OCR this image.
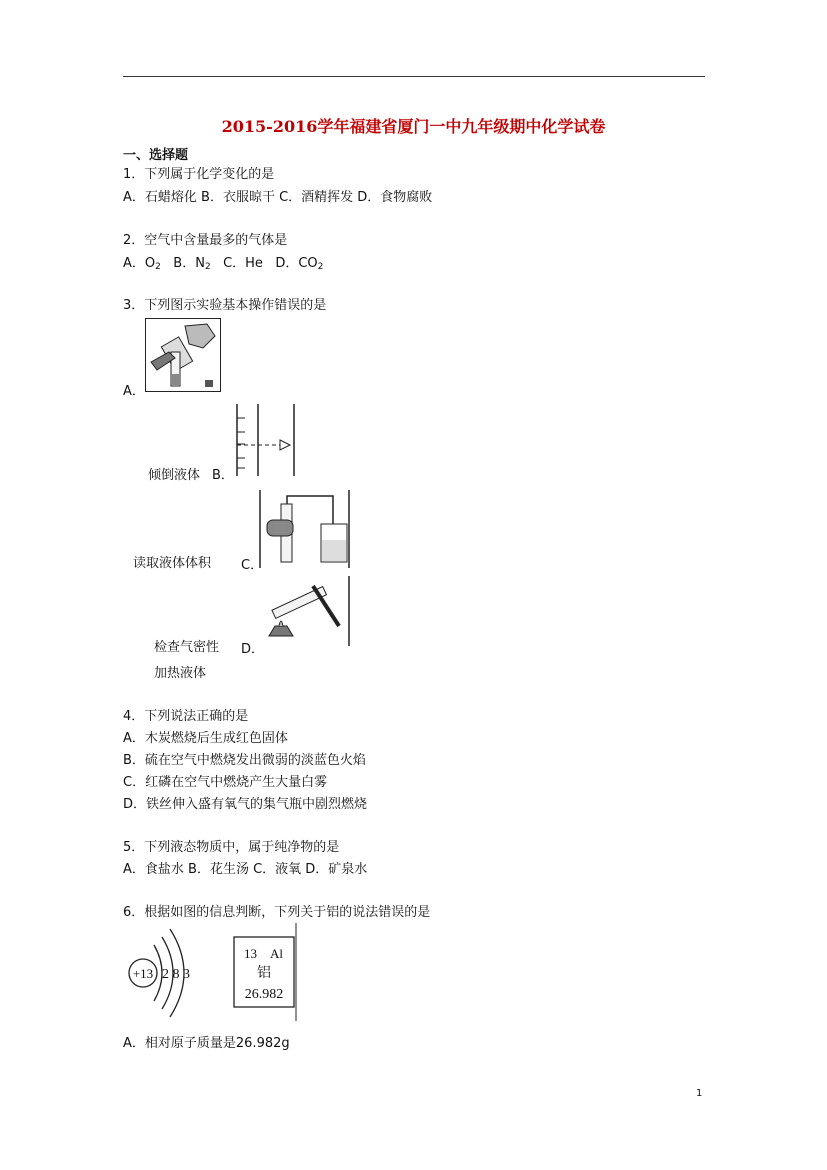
2015-2016学年福建省厦门一中九年级期中化学试卷
一、选择题
1．下列属于化学变化的是
A．石蜡熔化 B．衣服晾干 C．酒精挥发 D．食物腐败
2．空气中含量最多的气体是
A．$O_2$ B．$N_2$ C．He D．$CO_2$
3．下列图示实验基本操作错误的是
A．
倾倒液体 B．
读取液体体积 C．
检查气密性 D．
加热液体
4．下列说法正确的是
A．木炭燃烧后生成红色固体
B．硫在空气中燃烧发出微弱的淡蓝色火焰
C．红磷在空气中燃烧产生大量白雾
D．铁丝伸入盛有氧气的集气瓶中剧烈燃烧
5．下列液态物质中，属于纯净物的是
A．食盐水 B．花生汤 C．液氧 D．矿泉水
6．根据如图的信息判断，下列关于铝的说法错误的是
+13 2 8 3
13 Al
铝
26.982
A．相对原子质量是26.982g
1
